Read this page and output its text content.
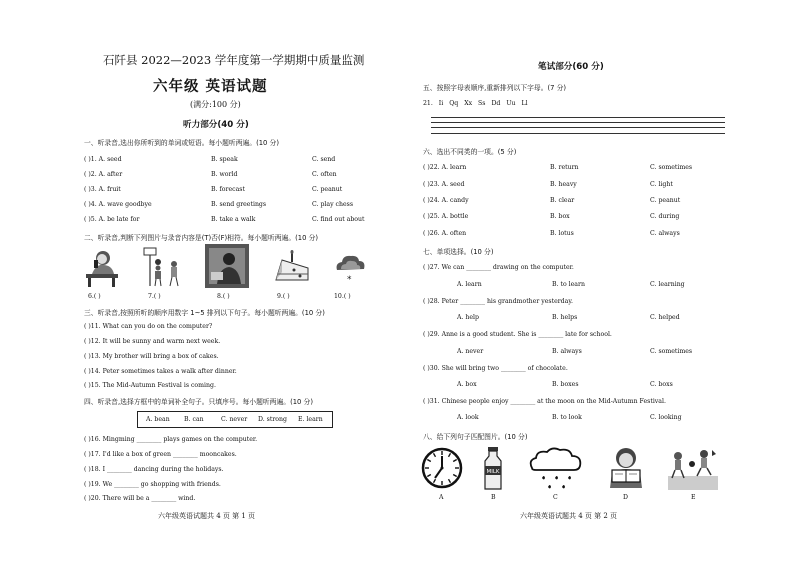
石阡县 2022—2023 学年度第一学期期中质量监测
六年级 英语试题
(满分:100 分)
听力部分(40 分)
一、听录音,选出你所听到的单词或短语。每小题听两遍。(10 分)
( )1. A. seed	B. speak	C. send
( )2. A. after	B. world	C. often
( )3. A. fruit	B. forecast	C. peanut
( )4. A. wave goodbye	B. send greetings	C. play chess
( )5. A. be late for	B. take a walk	C. find out about
二、听录音,判断下列图片与录音内容是(T)否(F)相符。每小题听两遍。(10 分)
*
6.( )	7.( )	8.( )	9.( )	10.( )
三、听录音,按照所听的顺序用数字 1~5 排列以下句子。每小题听两遍。(10 分)
( )11. What can you do on the computer?
( )12. It will be sunny and warm next week.
( )13. My brother will bring a box of cakes.
( )14. Peter sometimes takes a walk after dinner.
( )15. The Mid-Autumn Festival is coming.
四、听录音,选择方框中的单词补全句子。只填序号。每小题听两遍。(10 分)
A. bean B. can	C. never D. strong E. learn
( )16. Mingming ________ plays games on the computer.
( )17. I'd like a box of green ________ mooncakes.
( )18. I ________ dancing during the holidays.
( )19. We ________ go shopping with friends.
( )20. There will be a ________ wind.
六年级英语试题共 4 页 第 1 页
笔试部分(60 分)
五、按照字母表顺序,重新排列以下字母。(7 分)
21. Ii Qq Xx Ss Dd Uu Ll
六、选出不同类的一项。(5 分)
( )22. A. learn	B. return	C. sometimes
( )23. A. seed	B. heavy	C. light
( )24. A. candy	B. clear	C. peanut
( )25. A. bottle	B. box	C. during
( )26. A. often	B. lotus	C. always
七、单项选择。(10 分)
( )27. We can ________ drawing on the computer.
A. learn	B. to learn	C. learning
( )28. Peter ________ his grandmother yesterday.
A. help	B. helps	C. helped
( )29. Anne is a good student. She is ________ late for school.
A. never	B. always	C. sometimes
( )30. She will bring two ________ of chocolate.
A. box	B. boxes	C. boxs
( )31. Chinese people enjoy ________ at the moon on the Mid-Autumn Festival.
A. look	B. to look	C. looking
八、给下列句子匹配图片。(10 分)
MILK
A	B	C	D	E
六年级英语试题共 4 页 第 2 页
